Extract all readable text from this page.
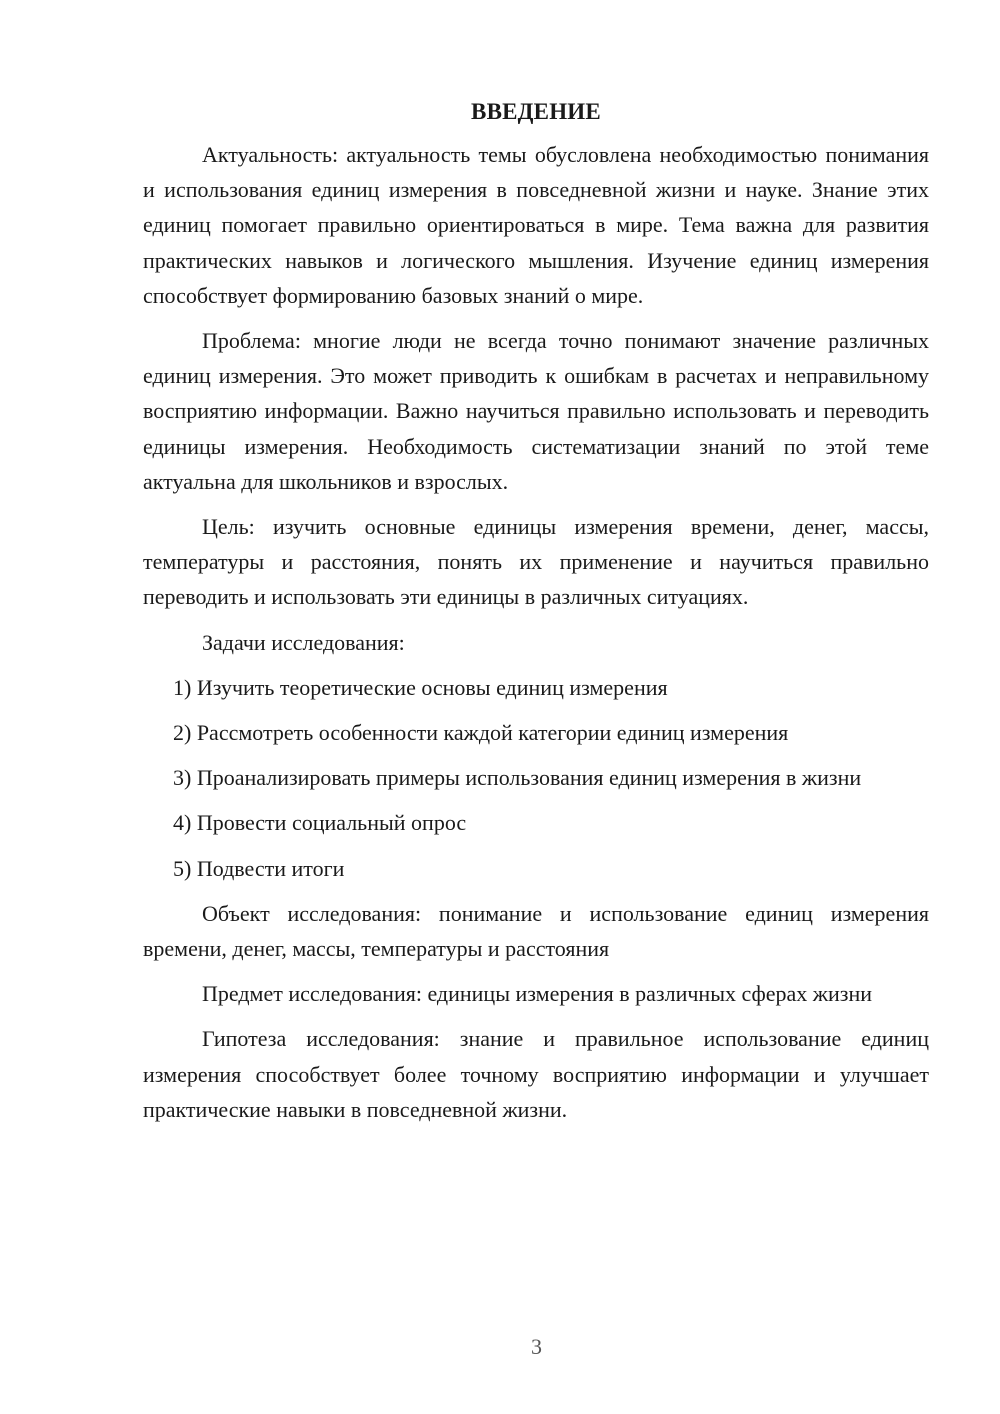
ВВЕДЕНИЕ

Актуальность: актуальность темы обусловлена необходимостью понимания и использования единиц измерения в повседневной жизни и науке. Знание этих единиц помогает правильно ориентироваться в мире. Тема важна для развития практических навыков и логического мышления. Изучение единиц измерения способствует формированию базовых знаний о мире.

Проблема: многие люди не всегда точно понимают значение различных единиц измерения. Это может приводить к ошибкам в расчетах и неправильному восприятию информации. Важно научиться правильно использовать и переводить единицы измерения. Необходимость систематизации знаний по этой теме актуальна для школьников и взрослых.

Цель: изучить основные единицы измерения времени, денег, массы, температуры и расстояния, понять их применение и научиться правильно переводить и использовать эти единицы в различных ситуациях.

Задачи исследования:

1) Изучить теоретические основы единиц измерения

2) Рассмотреть особенности каждой категории единиц измерения

3) Проанализировать примеры использования единиц измерения в жизни

4) Провести социальный опрос

5) Подвести итоги

Объект исследования: понимание и использование единиц измерения времени, денег, массы, температуры и расстояния

Предмет исследования: единицы измерения в различных сферах жизни

Гипотеза исследования: знание и правильное использование единиц измерения способствует более точному восприятию информации и улучшает практические навыки в повседневной жизни.

3
